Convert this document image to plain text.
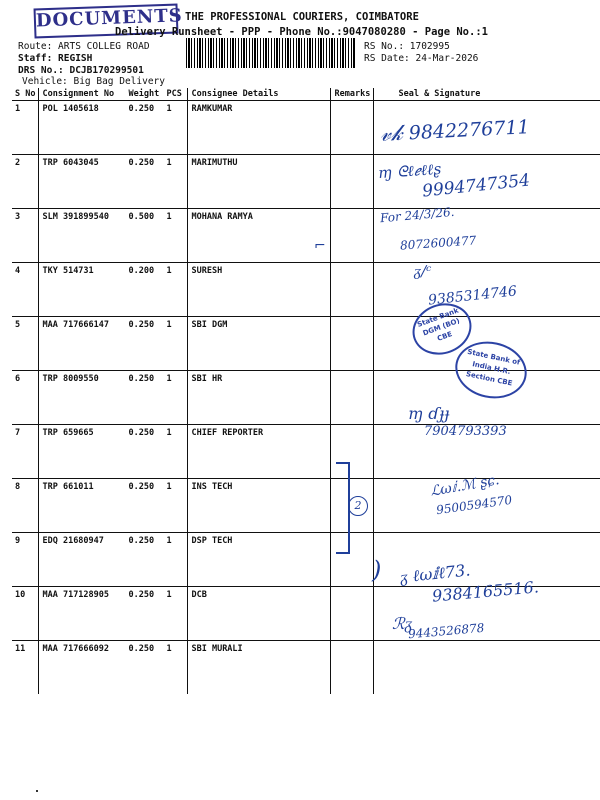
DOCUMENTS THE PROFESSIONAL COURIERS, COIMBATORE
Delivery Runsheet - PPP - Phone No.:9047080280 - Page No.:1
Route: ARTS COLLEG ROAD
Staff: REGISH
DRS No.: DCJB170299501
Vehicle: Big Bag Delivery
RS No.: 1702995
RS Date: 24-Mar-2026
S No	Consignment No	Weight	PCS	Consignee Details	Remarks	Seal & Signature
1	POL 1405618	0.250	1	RAMKUMAR		
2	TRP 6043045	0.250	1	MARIMUTHU		
3	SLM 391899540	0.500	1	MOHANA RAMYA		
4	TKY 514731	0.200	1	SURESH		
5	MAA 717666147	0.250	1	SBI DGM		
6	TRP 8009550	0.250	1	SBI HR		
7	TRP 659665	0.250	1	CHIEF REPORTER		
8	TRP 661011	0.250	1	INS TECH		
9	EDQ 21680947	0.250	1	DSP TECH		
10	MAA 717128905	0.250	1	DCB		
11	MAA 717666092	0.250	1	SBI MURALI		
𝓋𝓀 9842276711
ɱ ᘓℓℯℓℓʂ
9994747354
For 24/3/26.
8072600477
⌐
ᵹ∕ᶜ
9385314746
State Bank DGM (BO) CBE
State Bank of India H.R. Section CBE
ɱ ɗɟɟ
7904793393
2
ℒωⅈ.ℳ ʂɕ.
9500594570
) ᵹ ℓωⅈℓ73.
9384165516.
ℛᵹ
9443526878
